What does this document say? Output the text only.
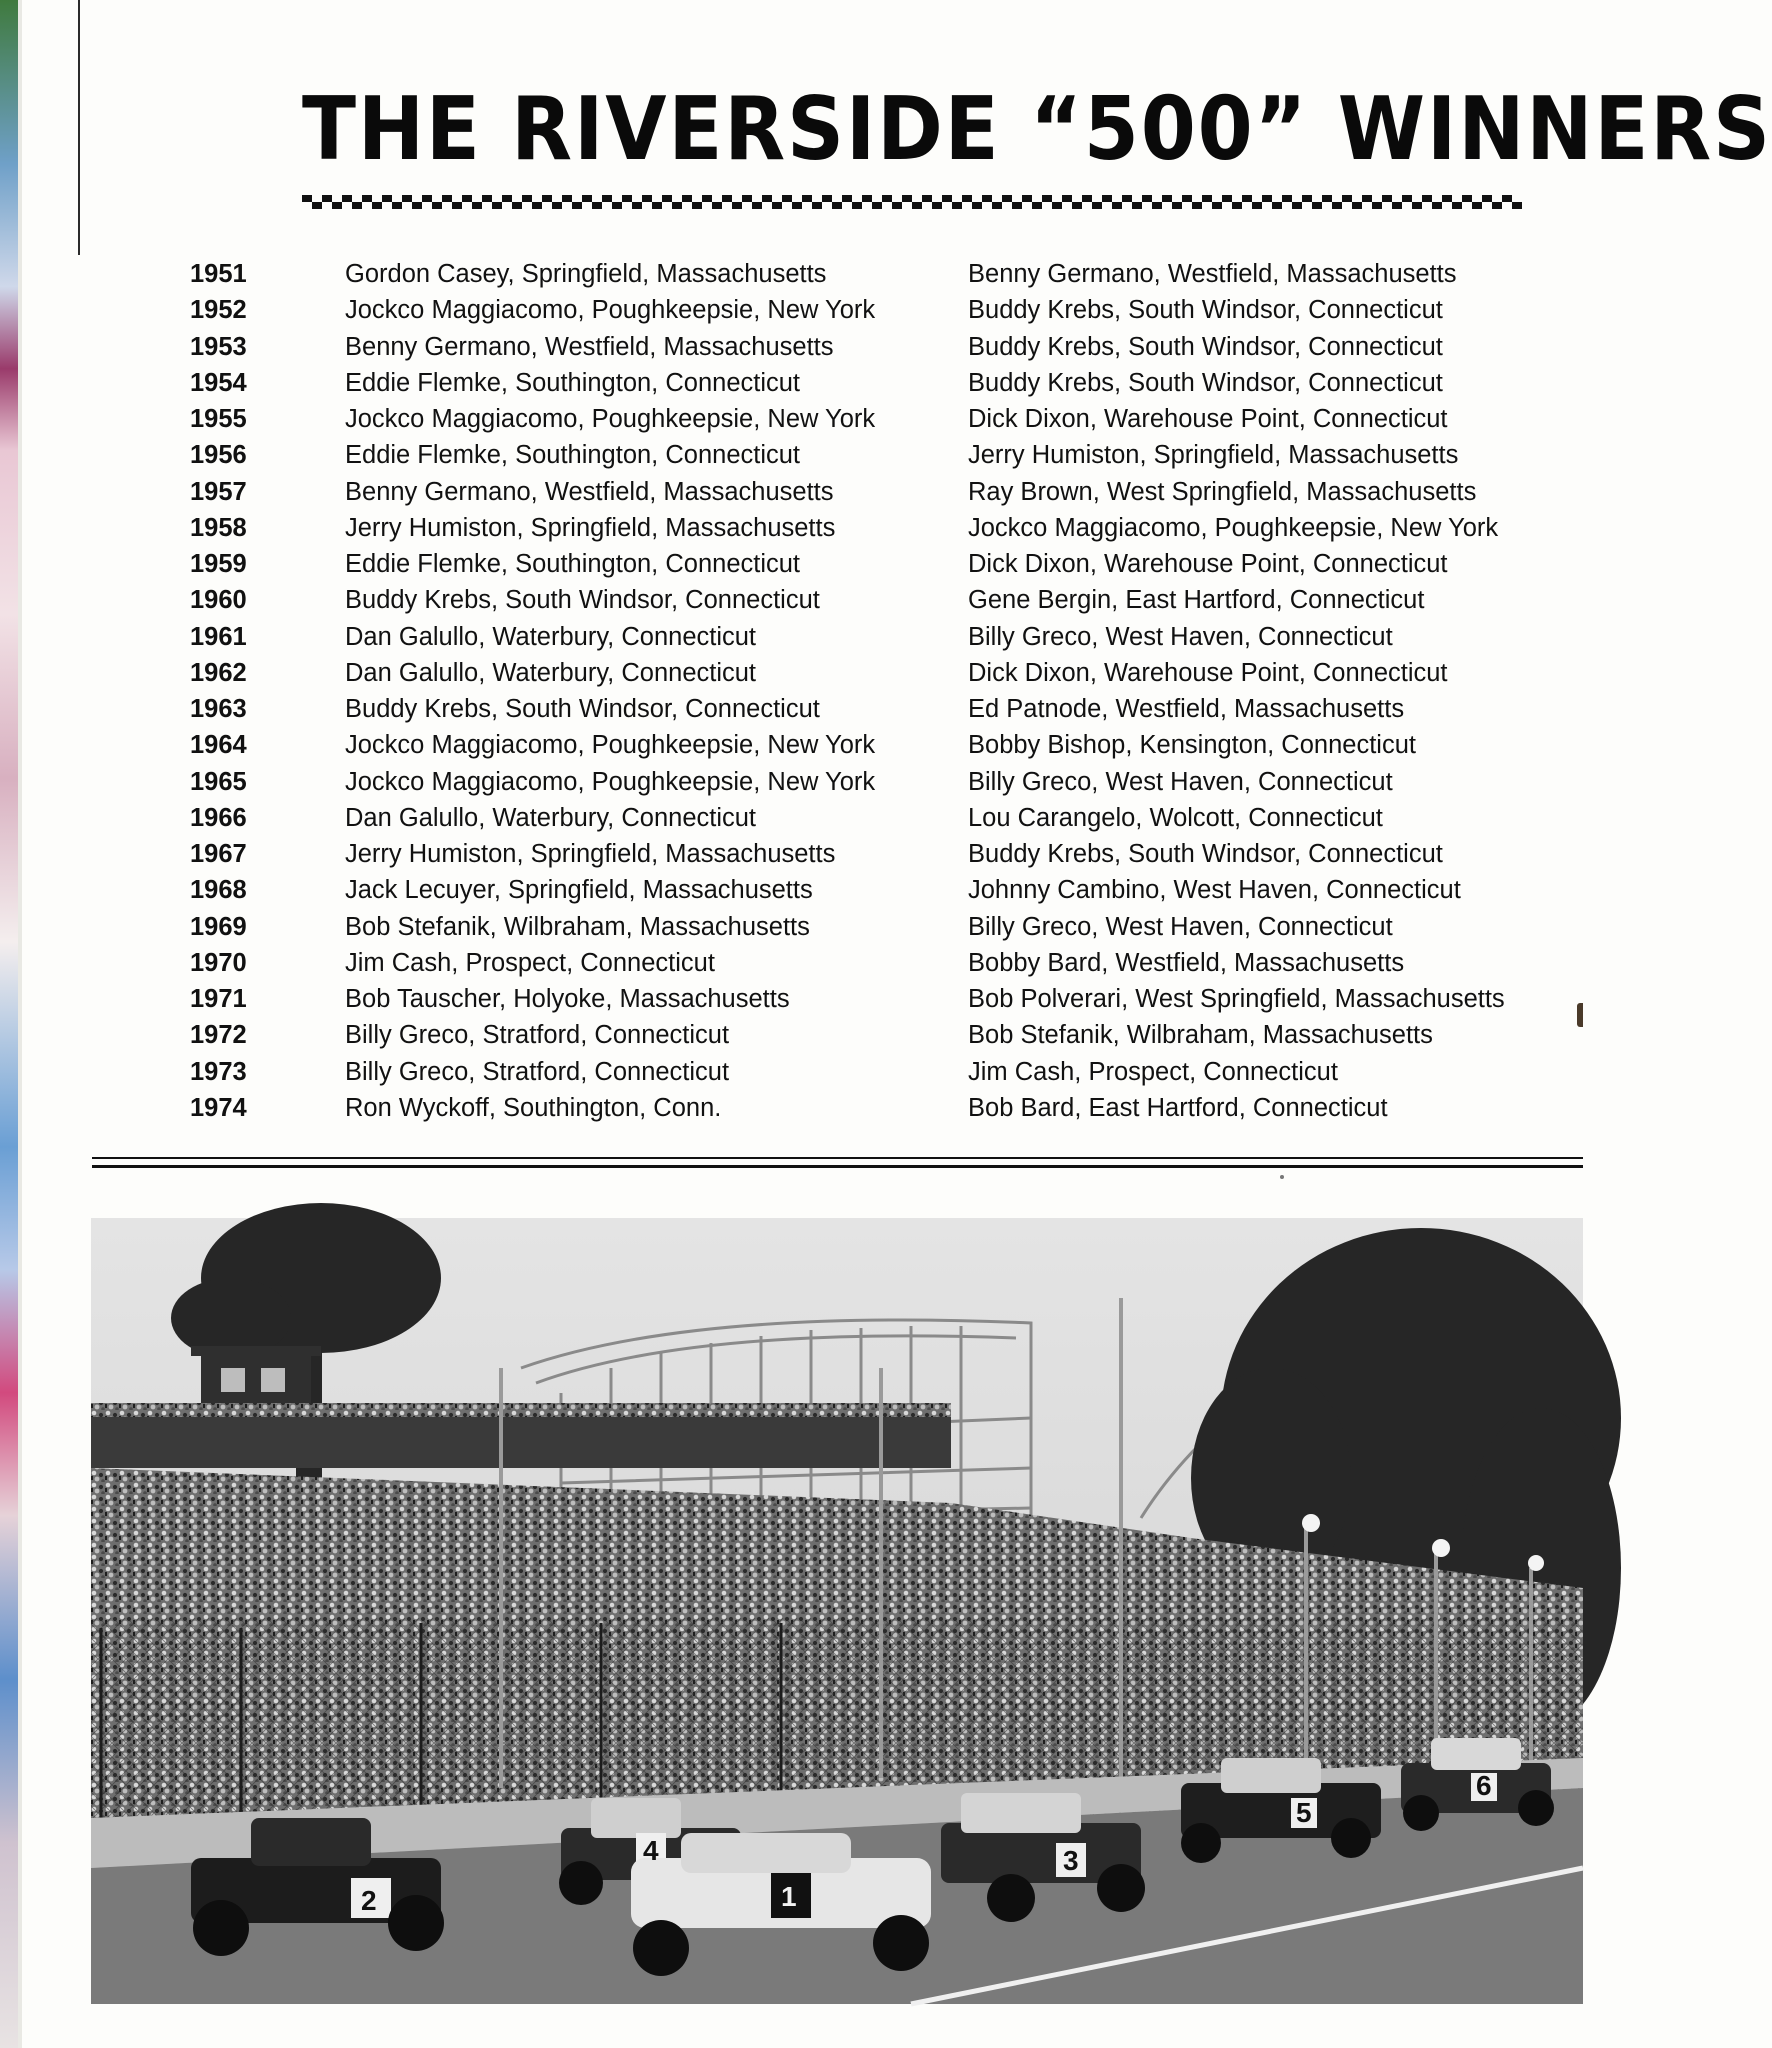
THE RIVERSIDE “500” WINNERS
1951	Gordon Casey, Springfield, Massachusetts	Benny Germano, Westfield, Massachusetts
1952	Jockco Maggiacomo, Poughkeepsie, New York	Buddy Krebs, South Windsor, Connecticut
1953	Benny Germano, Westfield, Massachusetts	Buddy Krebs, South Windsor, Connecticut
1954	Eddie Flemke, Southington, Connecticut	Buddy Krebs, South Windsor, Connecticut
1955	Jockco Maggiacomo, Poughkeepsie, New York	Dick Dixon, Warehouse Point, Connecticut
1956	Eddie Flemke, Southington, Connecticut	Jerry Humiston, Springfield, Massachusetts
1957	Benny Germano, Westfield, Massachusetts	Ray Brown, West Springfield, Massachusetts
1958	Jerry Humiston, Springfield, Massachusetts	Jockco Maggiacomo, Poughkeepsie, New York
1959	Eddie Flemke, Southington, Connecticut	Dick Dixon, Warehouse Point, Connecticut
1960	Buddy Krebs, South Windsor, Connecticut	Gene Bergin, East Hartford, Connecticut
1961	Dan Galullo, Waterbury, Connecticut	Billy Greco, West Haven, Connecticut
1962	Dan Galullo, Waterbury, Connecticut	Dick Dixon, Warehouse Point, Connecticut
1963	Buddy Krebs, South Windsor, Connecticut	Ed Patnode, Westfield, Massachusetts
1964	Jockco Maggiacomo, Poughkeepsie, New York	Bobby Bishop, Kensington, Connecticut
1965	Jockco Maggiacomo, Poughkeepsie, New York	Billy Greco, West Haven, Connecticut
1966	Dan Galullo, Waterbury, Connecticut	Lou Carangelo, Wolcott, Connecticut
1967	Jerry Humiston, Springfield, Massachusetts	Buddy Krebs, South Windsor, Connecticut
1968	Jack Lecuyer, Springfield, Massachusetts	Johnny Cambino, West Haven, Connecticut
1969	Bob Stefanik, Wilbraham, Massachusetts	Billy Greco, West Haven, Connecticut
1970	Jim Cash, Prospect, Connecticut	Bobby Bard, Westfield, Massachusetts
1971	Bob Tauscher, Holyoke, Massachusetts	Bob Polverari, West Springfield, Massachusetts
1972	Billy Greco, Stratford, Connecticut	Bob Stefanik, Wilbraham, Massachusetts
1973	Billy Greco, Stratford, Connecticut	Jim Cash, Prospect, Connecticut
1974	Ron Wyckoff, Southington, Conn.	Bob Bard, East Hartford, Connecticut
2
4
1
3
5
6
